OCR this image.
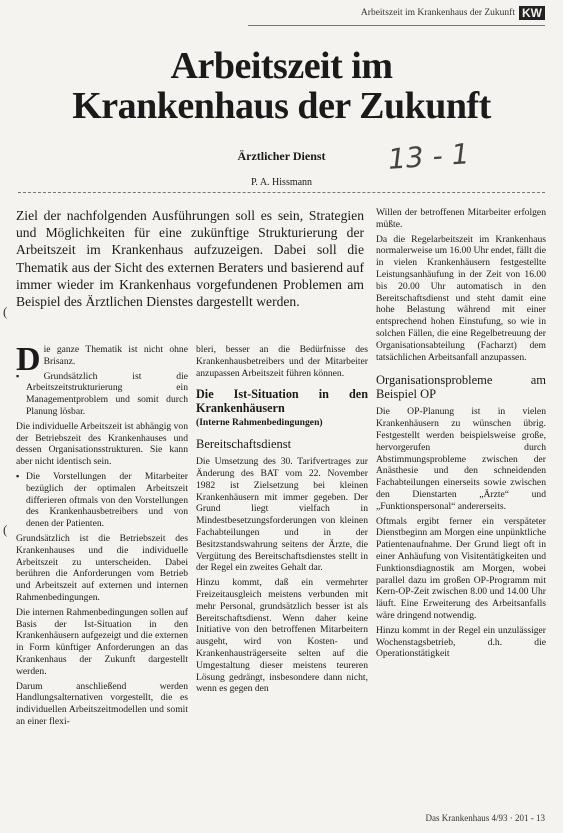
Arbeitszeit im Krankenhaus der Zukunft KW
Arbeitszeit im
Krankenhaus der Zukunft
Ärztlicher Dienst	13 - 1
P. A. Hissmann

Ziel der nachfolgenden Ausführungen soll es sein, Strategien und Möglichkeiten für eine zukünftige Strukturierung der Arbeitszeit im Krankenhaus aufzuzeigen. Dabei soll die Thematik aus der Sicht des externen Beraters und basierend auf immer wieder im Krankenhaus vorgefundenen Problemen am Beispiel des Ärztlichen Dienstes dargestellt werden.

(
(

Die ganze Thematik ist nicht ohne Brisanz.

▪ Grundsätzlich ist die Arbeitszeitstrukturierung ein Managementproblem und somit durch Planung lösbar.

Die individuelle Arbeitszeit ist abhängig von der Betriebszeit des Krankenhauses und dessen Organisationsstrukturen. Sie kann aber nicht identisch sein.

▪ Die Vorstellungen der Mitarbeiter bezüglich der optimalen Arbeitszeit differieren oftmals von den Vorstellungen des Krankenhausbetreibers und von denen der Patienten.

Grundsätzlich ist die Betriebszeit des Krankenhauses und die individuelle Arbeitszeit zu unterscheiden. Dabei berühren die Anforderungen vom Betrieb und Arbeitszeit auf externen und internen Rahmenbedingungen.

Die internen Rahmenbedingungen sollen auf Basis der Ist-Situation in den Krankenhäusern aufgezeigt und die externen in Form künftiger Anforderungen an das Krankenhaus der Zukunft dargestellt werden.

Darum anschließend werden Handlungsalternativen vorgestellt, die es individuellen Arbeitszeitmodellen und somit an einer flexi-

bleri, besser an die Bedürfnisse des Krankenhausbetreibers und der Mitarbeiter anzupassen Arbeitszeit führen können.

Die Ist-Situation in den Krankenhäusern
(Interne Rahmenbedingungen)
Bereitschaftsdienst

Die Umsetzung des 30. Tarifvertrages zur Änderung des BAT vom 22. November 1982 ist Zielsetzung bei kleinen Krankenhäusern mit immer gegeben. Der Grund liegt vielfach in Mindestbesetzungsforderungen von kleinen Fachabteilungen und in der Besitzstandswahrung seitens der Ärzte, die Vergütung des Bereitschaftsdienstes stellt in der Regel ein zweites Gehalt dar.

Hinzu kommt, daß ein vermehrter Freizeitausgleich meistens verbunden mit mehr Personal, grundsätzlich besser ist als Bereitschaftsdienst. Wenn daher keine Initiative von den betroffenen Mitarbeitern ausgeht, wird von Kosten- und Krankenhausträgerseite selten auf die Umgestaltung dieser meistens teureren Lösung gedrängt, insbesondere dann nicht, wenn es gegen den

Willen der betroffenen Mitarbeiter erfolgen müßte.

Da die Regelarbeitszeit im Krankenhaus normalerweise um 16.00 Uhr endet, fällt die in vielen Krankenhäusern festgestellte Leistungsanhäufung in der Zeit von 16.00 bis 20.00 Uhr automatisch in den Bereitschaftsdienst und steht damit eine hohe Belastung während mit einer entsprechend hohen Einstufung, so wie in solchen Fällen, die eine Regelbetreuung der Organisationsabteilung (Facharzt) dem tatsächlichen Arbeitsanfall anzupassen.

Organisationsprobleme am Beispiel OP

Die OP-Planung ist in vielen Krankenhäusern zu wünschen übrig. Festgestellt werden beispielsweise große, hervorgerufen durch Abstimmungsprobleme zwischen der Anästhesie und den schneidenden Fachabteilungen einerseits sowie zwischen den Dienstarten „Ärzte“ und „Funktionspersonal“ andererseits.

Oftmals ergibt ferner ein verspäteter Dienstbeginn am Morgen eine unpünktliche Patientenaufnahme. Der Grund liegt oft in einer Anhäufung von Visitentätigkeiten und Funktionsdiagnostik am Morgen, wobei parallel dazu im großen OP-Programm mit Kern-OP-Zeit zwischen 8.00 und 14.00 Uhr läuft. Eine Erweiterung des Arbeitsanfalls wäre dringend notwendig.

Hinzu kommt in der Regel ein unzulässiger Wochenstagsbetrieb, d.h. die Operationstätigkeit

Das Krankenhaus 4/93 · 201 - 13
